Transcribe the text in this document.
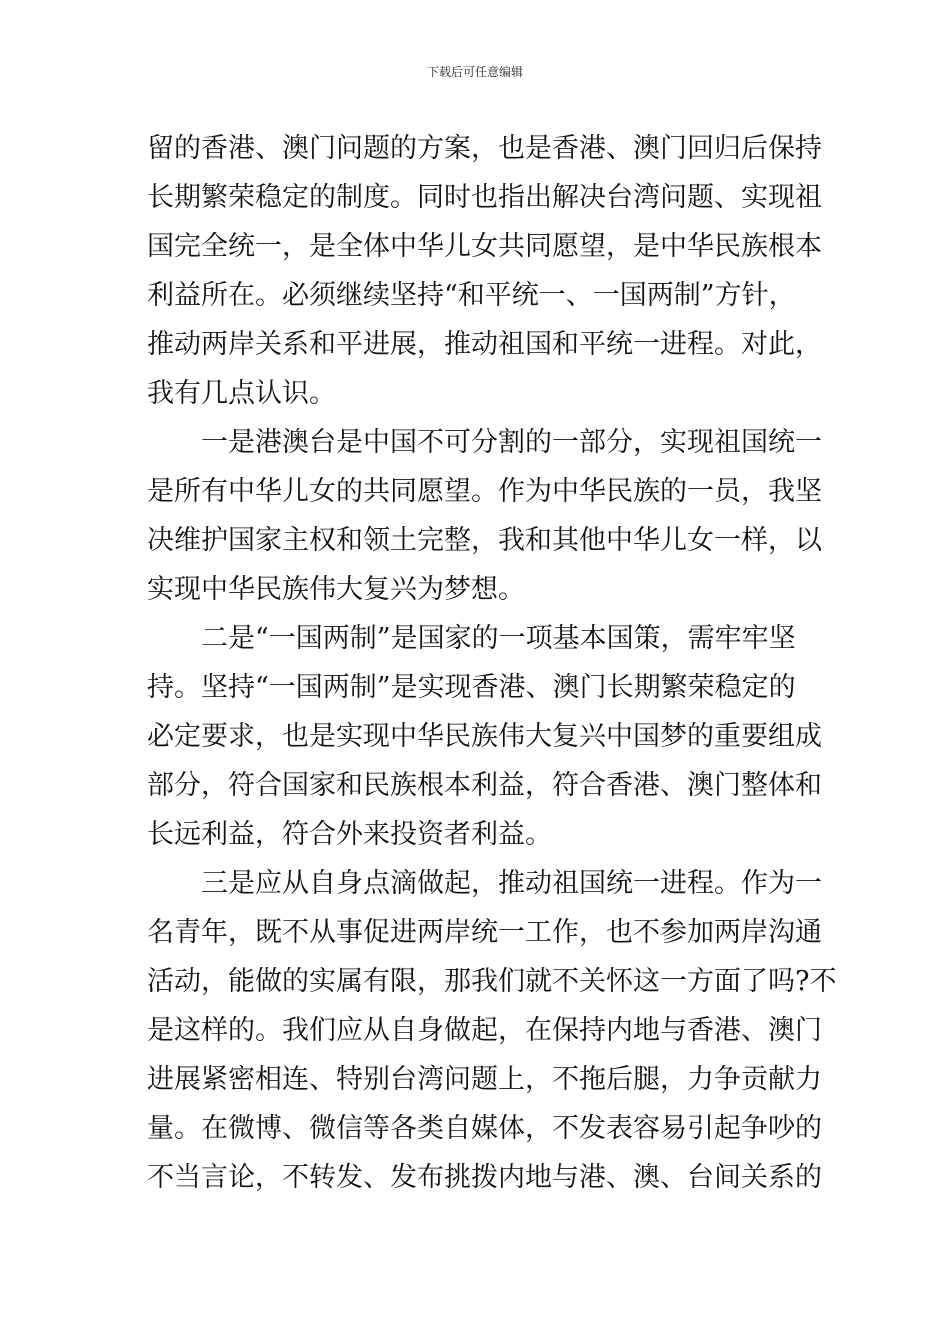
下载后可任意编辑
留的香港、澳门问题的方案，也是香港、澳门回归后保持
长期繁荣稳定的制度。同时也指出解决台湾问题、实现祖
国完全统一，是全体中华儿女共同愿望，是中华民族根本
利益所在。必须继续坚持“和平统一、一国两制”方针，
推动两岸关系和平进展，推动祖国和平统一进程。对此，
我有几点认识。
　　一是港澳台是中国不可分割的一部分，实现祖国统一
是所有中华儿女的共同愿望。作为中华民族的一员，我坚
决维护国家主权和领土完整，我和其他中华儿女一样，以
实现中华民族伟大复兴为梦想。
　　二是“一国两制”是国家的一项基本国策，需牢牢坚
持。坚持“一国两制”是实现香港、澳门长期繁荣稳定的
必定要求，也是实现中华民族伟大复兴中国梦的重要组成
部分，符合国家和民族根本利益，符合香港、澳门整体和
长远利益，符合外来投资者利益。
　　三是应从自身点滴做起，推动祖国统一进程。作为一
名青年，既不从事促进两岸统一工作，也不参加两岸沟通
活动，能做的实属有限，那我们就不关怀这一方面了吗?不
是这样的。我们应从自身做起，在保持内地与香港、澳门
进展紧密相连、特别台湾问题上，不拖后腿，力争贡献力
量。在微博、微信等各类自媒体，不发表容易引起争吵的
不当言论，不转发、发布挑拨内地与港、澳、台间关系的
